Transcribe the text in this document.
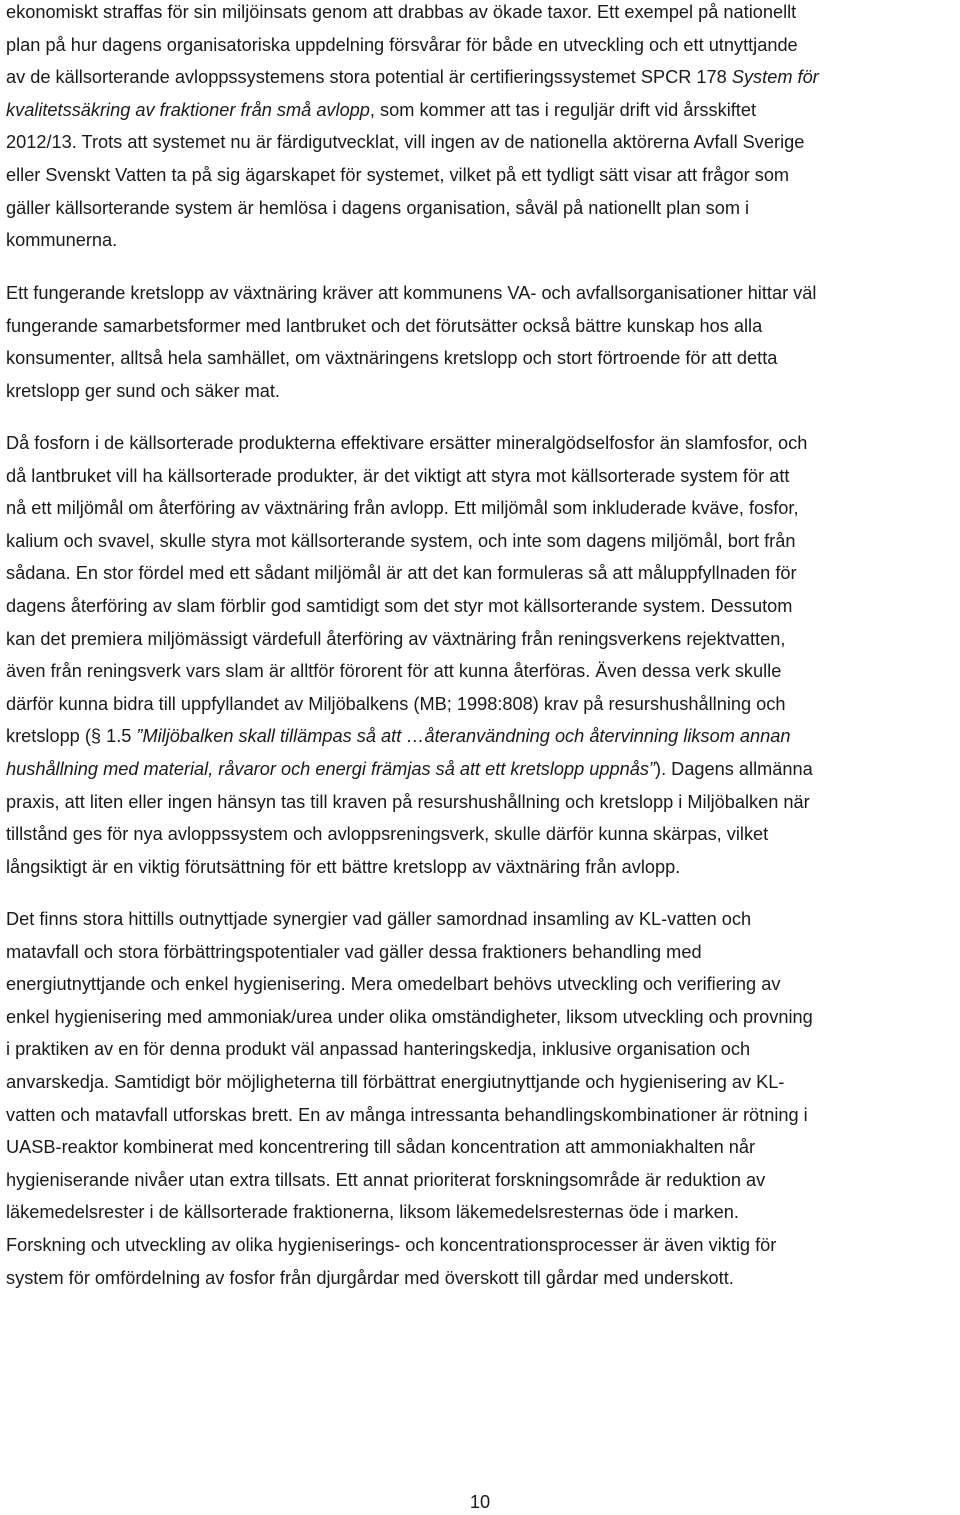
ekonomiskt straffas för sin miljöinsats genom att drabbas av ökade taxor. Ett exempel på nationellt
plan på hur dagens organisatoriska uppdelning försvårar för både en utveckling och ett utnyttjande
av de källsorterande avloppssystemens stora potential är certifieringssystemet SPCR 178 System för
kvalitetssäkring av fraktioner från små avlopp, som kommer att tas i reguljär drift vid årsskiftet
2012/13. Trots att systemet nu är färdigutvecklat, vill ingen av de nationella aktörerna Avfall Sverige
eller Svenskt Vatten ta på sig ägarskapet för systemet, vilket på ett tydligt sätt visar att frågor som
gäller källsorterande system är hemlösa i dagens organisation, såväl på nationellt plan som i
kommunerna.
Ett fungerande kretslopp av växtnäring kräver att kommunens VA- och avfallsorganisationer hittar väl
fungerande samarbetsformer med lantbruket och det förutsätter också bättre kunskap hos alla
konsumenter, alltså hela samhället, om växtnäringens kretslopp och stort förtroende för att detta
kretslopp ger sund och säker mat.
Då fosforn i de källsorterade produkterna effektivare ersätter mineralgödselfosfor än slamfosfor, och
då lantbruket vill ha källsorterade produkter, är det viktigt att styra mot källsorterade system för att
nå ett miljömål om återföring av växtnäring från avlopp. Ett miljömål som inkluderade kväve, fosfor,
kalium och svavel, skulle styra mot källsorterande system, och inte som dagens miljömål, bort från
sådana. En stor fördel med ett sådant miljömål är att det kan formuleras så att måluppfyllnaden för
dagens återföring av slam förblir god samtidigt som det styr mot källsorterande system. Dessutom
kan det premiera miljömässigt värdefull återföring av växtnäring från reningsverkens rejektvatten,
även från reningsverk vars slam är alltför förorent för att kunna återföras. Även dessa verk skulle
därför kunna bidra till uppfyllandet av Miljöbalkens (MB; 1998:808) krav på resurshushållning och
kretslopp (§ 1.5 ”Miljöbalken skall tillämpas så att …återanvändning och återvinning liksom annan
hushållning med material, råvaror och energi främjas så att ett kretslopp uppnås”). Dagens allmänna
praxis, att liten eller ingen hänsyn tas till kraven på resurshushållning och kretslopp i Miljöbalken när
tillstånd ges för nya avloppssystem och avloppsreningsverk, skulle därför kunna skärpas, vilket
långsiktigt är en viktig förutsättning för ett bättre kretslopp av växtnäring från avlopp.
Det finns stora hittills outnyttjade synergier vad gäller samordnad insamling av KL-vatten och
matavfall och stora förbättringspotentialer vad gäller dessa fraktioners behandling med
energiutnyttjande och enkel hygienisering. Mera omedelbart behövs utveckling och verifiering av
enkel hygienisering med ammoniak/urea under olika omständigheter, liksom utveckling och provning
i praktiken av en för denna produkt väl anpassad hanteringskedja, inklusive organisation och
anvarskedja. Samtidigt bör möjligheterna till förbättrat energiutnyttjande och hygienisering av KL-
vatten och matavfall utforskas brett. En av många intressanta behandlingskombinationer är rötning i
UASB-reaktor kombinerat med koncentrering till sådan koncentration att ammoniakhalten når
hygieniserande nivåer utan extra tillsats. Ett annat prioriterat forskningsområde är reduktion av
läkemedelsrester i de källsorterade fraktionerna, liksom läkemedelsresternas öde i marken.
Forskning och utveckling av olika hygieniserings- och koncentrationsprocesser är även viktig för
system för omfördelning av fosfor från djurgårdar med överskott till gårdar med underskott.
10
